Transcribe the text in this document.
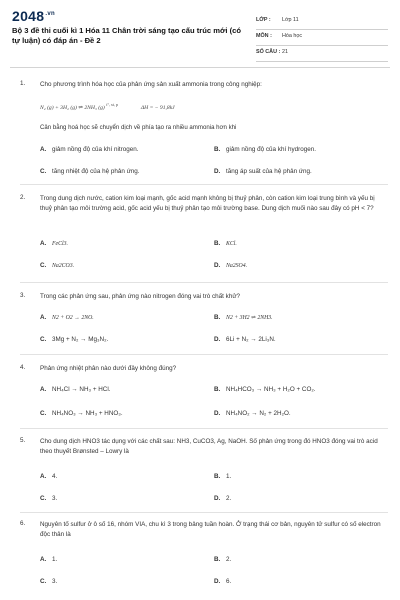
$2048^{.vn}$
Bộ 3 đề thi cuối kì 1 Hóa 11 Chân trời sáng tạo cấu trúc mới (có tự luận) có đáp án - Đề 2
LỚP : Lớp 11
MÔN : Hóa học
SỐ CÂU : 21
1. Cho phương trình hóa học của phản ứng sản xuất ammonia trong công nghiệp:
N₂ (g) + 3H₂ (g) ⇌ 2NH₃ (g) $^{t^\circ, xt, p}$  ΔH = − 91,8kJ
Cân bằng hoá học sẽ chuyển dịch về phía tạo ra nhiều ammonia hơn khi
A. giảm nồng độ của khí nitrogen.	B. giảm nồng độ của khí hydrogen.
C. tăng nhiệt độ của hệ phản ứng.	D. tăng áp suất của hệ phản ứng.
2. Trong dung dịch nước, cation kim loại mạnh, gốc acid mạnh không bị thuỷ phân, còn cation kim loại trung bình và yếu bị thuỷ phân tạo môi trường acid, gốc acid yếu bị thuỷ phân tạo môi trường base. Dung dịch muối nào sau đây có pH < 7?
A. FeCl3.	B. KCl.
C. Na2CO3.	D. Na2SO4.
3. Trong các phản ứng sau, phản ứng nào nitrogen đóng vai trò chất khử?
A. N2 + O2 → 2NO.	B. N2 + 3H2 ⇌ 2NH3.
C. 3Mg + N₂ → Mg₃N₂.	D. 6Li + N₂ → 2Li₃N.
4. Phản ứng nhiệt phân nào dưới đây không đúng?
A. NH₄Cl → NH₃ + HCl.	B. NH₄HCO₃ → NH₃ + H₂O + CO₂.
C. NH₄NO₃ → NH₃ + HNO₃.	D. NH₄NO₂ → N₂ + 2H₂O.
5. Cho dung dịch HNO3 tác dụng với các chất sau: NH3, CuCO3, Ag, NaOH. Số phản ứng trong đó HNO3 đóng vai trò acid theo thuyết Brønsted – Lowry là
A. 4.	B. 1.
C. 3.	D. 2.
6. Nguyên tố sulfur ở ô số 16, nhóm VIA, chu kì 3 trong bảng tuần hoàn. Ở trạng thái cơ bản, nguyên tử sulfur có số electron độc thân là
A. 1.	B. 2.
C. 3.	D. 6.
